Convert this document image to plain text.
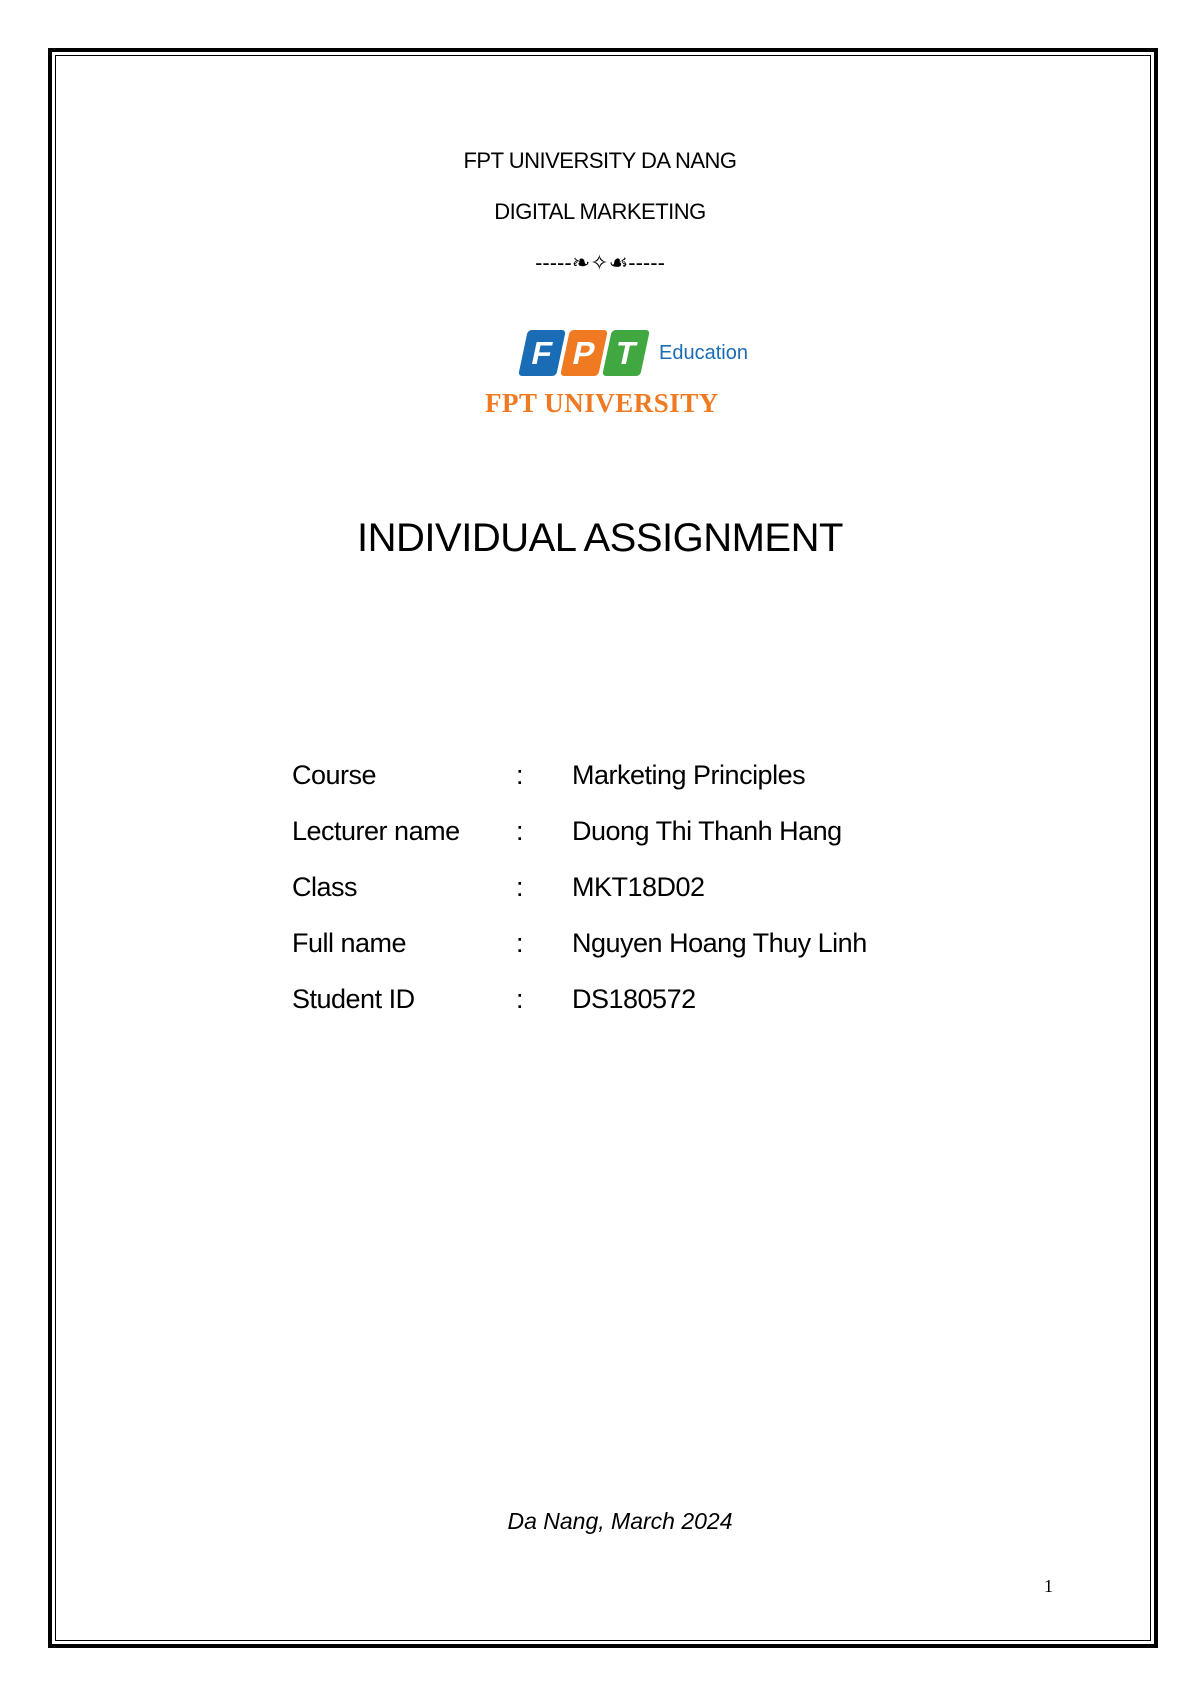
FPT UNIVERSITY DA NANG
DIGITAL MARKETING
-----❧✧☙-----
F P T Education
FPT UNIVERSITY
INDIVIDUAL ASSIGNMENT
Course	: Marketing Principles
Lecturer name : Duong Thi Thanh Hang
Class	: MKT18D02
Full name	: Nguyen Hoang Thuy Linh
Student ID	: DS180572
Da Nang, March 2024
1
